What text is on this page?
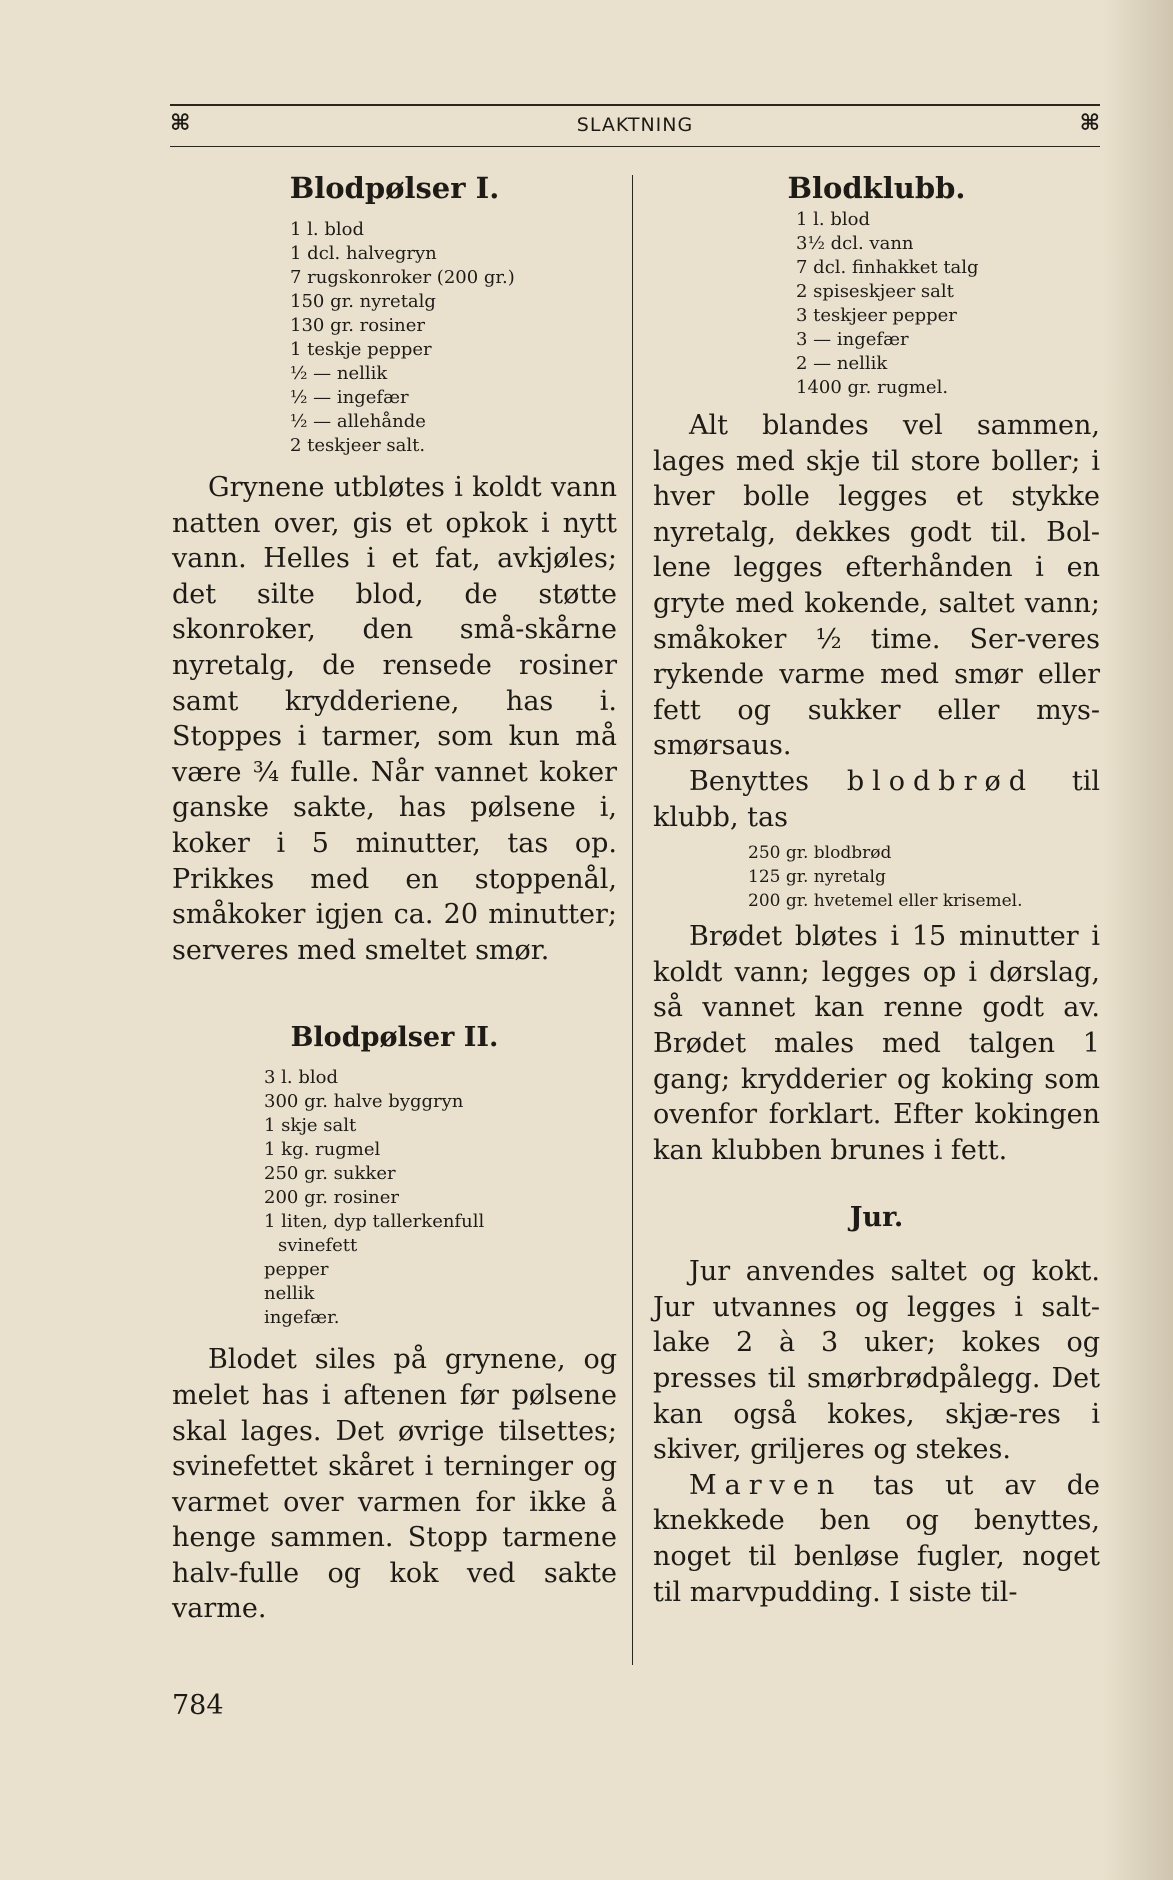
⌘	SLAKTNING	⌘
Blodpølser I.
1 l. blod
1 dcl. halvegryn
7 rugskonroker (200 gr.)
150 gr. nyretalg
130 gr. rosiner
1 teskje pepper
½ — nellik
½ — ingefær
½ — allehånde
2 teskjeer salt.

Grynene utbløtes i koldt vann natten over, gis et opkok i nytt vann. Helles i et fat, avkjøles; det silte blod, de støtte skonroker, den små-skårne nyretalg, de rensede rosiner samt krydderiene, has i. Stoppes i tarmer, som kun må være ¾ fulle. Når vannet koker ganske sakte, has pølsene i, koker i 5 minutter, tas op. Prikkes med en stoppenål, småkoker igjen ca. 20 minutter; serveres med smeltet smør.

Blodpølser II.
3 l. blod
300 gr. halve byggryn
1 skje salt
1 kg. rugmel
250 gr. sukker
200 gr. rosiner
1 liten, dyp tallerkenfull
svinefett
pepper
nellik
ingefær.

Blodet siles på grynene, og melet has i aftenen før pølsene skal lages. Det øvrige tilsettes; svinefettet skåret i terninger og varmet over varmen for ikke å henge sammen. Stopp tarmene halv-fulle og kok ved sakte varme.

784
Blodklubb.
1 l. blod
3½ dcl. vann
7 dcl. finhakket talg
2 spiseskjeer salt
3 teskjeer pepper
3 — ingefær
2 — nellik
1400 gr. rugmel.

Alt blandes vel sammen, lages med skje til store boller; i hver bolle legges et stykke nyretalg, dekkes godt til. Bol-lene legges efterhånden i en gryte med kokende, saltet vann; småkoker ½ time. Ser-veres rykende varme med smør eller fett og sukker eller mys-smørsaus.

Benyttes blodbrød til klubb, tas

250 gr. blodbrød
125 gr. nyretalg
200 gr. hvetemel eller krisemel.

Brødet bløtes i 15 minutter i koldt vann; legges op i dørslag, så vannet kan renne godt av. Brødet males med talgen 1 gang; krydderier og koking som ovenfor forklart. Efter kokingen kan klubben brunes i fett.

Jur.

Jur anvendes saltet og kokt. Jur utvannes og legges i salt-lake 2 à 3 uker; kokes og presses til smørbrødpålegg. Det kan også kokes, skjæ-res i skiver, griljeres og stekes.

Marven tas ut av de knekkede ben og benyttes, noget til benløse fugler, noget til marvpudding. I siste til-
